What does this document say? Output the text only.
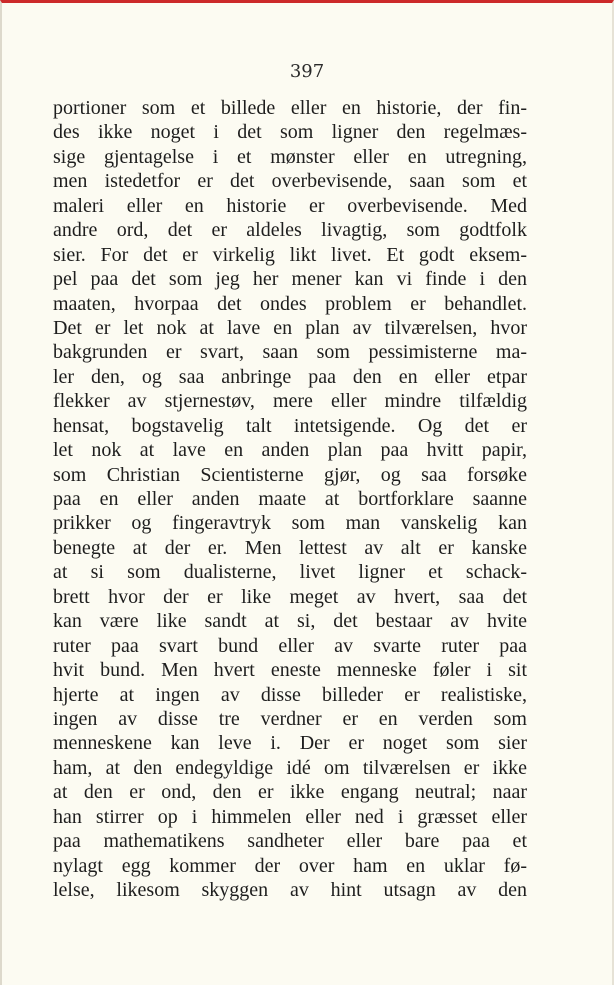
397
portioner som et billede eller en historie, der fin-
des ikke noget i det som ligner den regelmæs-
sige gjentagelse i et mønster eller en utregning,
men istedetfor er det overbevisende, saan som et
maleri eller en historie er overbevisende. Med
andre ord, det er aldeles livagtig, som godtfolk
sier. For det er virkelig likt livet. Et godt eksem-
pel paa det som jeg her mener kan vi finde i den
maaten, hvorpaa det ondes problem er behandlet.
Det er let nok at lave en plan av tilværelsen, hvor
bakgrunden er svart, saan som pessimisterne ma-
ler den, og saa anbringe paa den en eller etpar
flekker av stjernestøv, mere eller mindre tilfældig
hensat, bogstavelig talt intetsigende. Og det er
let nok at lave en anden plan paa hvitt papir,
som Christian Scientisterne gjør, og saa forsøke
paa en eller anden maate at bortforklare saanne
prikker og fingeravtryk som man vanskelig kan
benegte at der er. Men lettest av alt er kanske
at si som dualisterne, livet ligner et schack-
brett hvor der er like meget av hvert, saa det
kan være like sandt at si, det bestaar av hvite
ruter paa svart bund eller av svarte ruter paa
hvit bund. Men hvert eneste menneske føler i sit
hjerte at ingen av disse billeder er realistiske,
ingen av disse tre verdner er en verden som
menneskene kan leve i. Der er noget som sier
ham, at den endegyldige idé om tilværelsen er ikke
at den er ond, den er ikke engang neutral; naar
han stirrer op i himmelen eller ned i græsset eller
paa mathematikens sandheter eller bare paa et
nylagt egg kommer der over ham en uklar fø-
lelse, likesom skyggen av hint utsagn av den
